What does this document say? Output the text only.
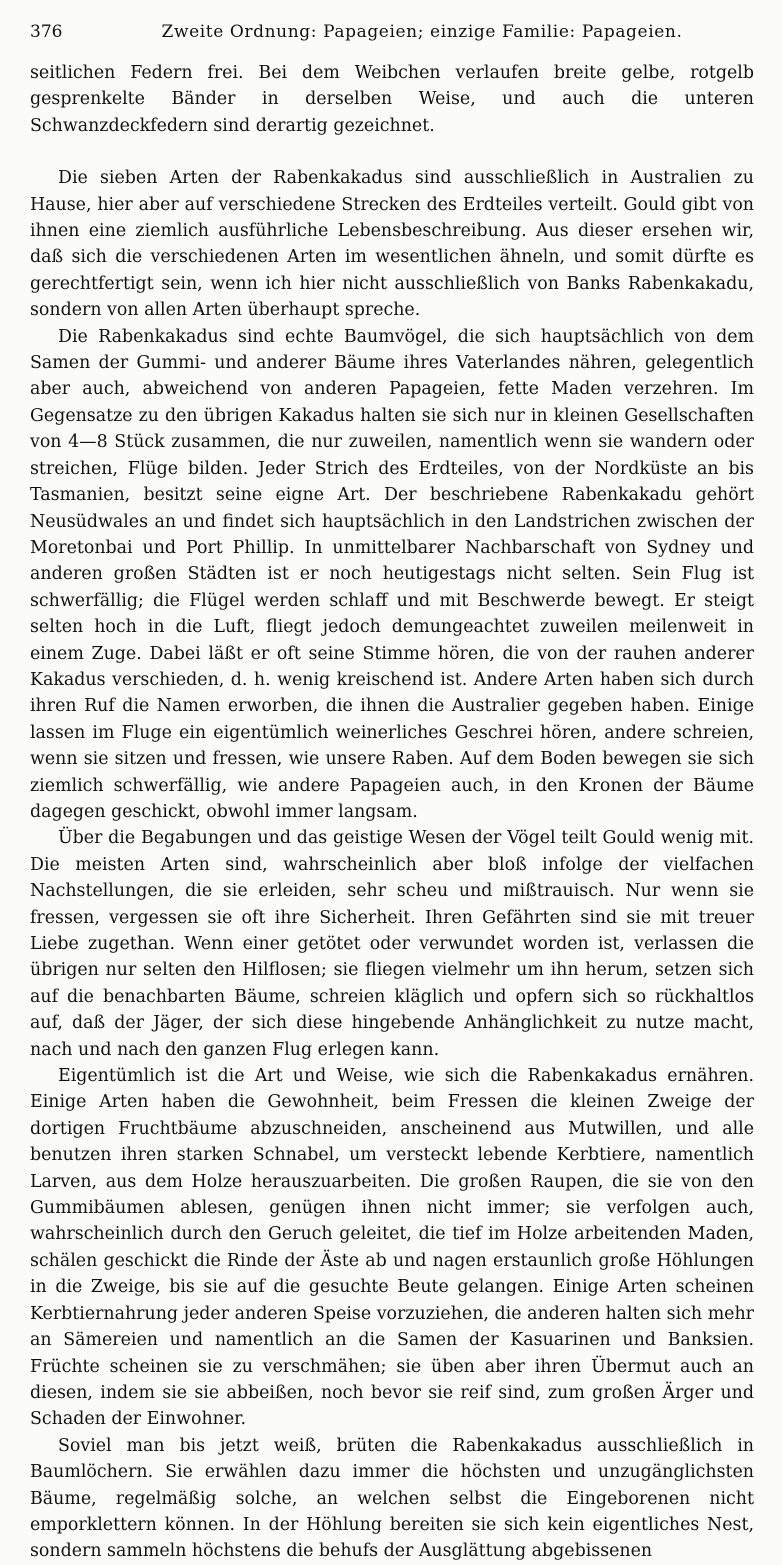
376	Zweite Ordnung: Papageien; einzige Familie: Papageien.

seitlichen Federn frei. Bei dem Weibchen verlaufen breite gelbe, rotgelb gesprenkelte Bänder in derselben Weise, und auch die unteren Schwanzdeckfedern sind derartig gezeichnet.

Die sieben Arten der Rabenkakadus sind ausschließlich in Australien zu Hause, hier aber auf verschiedene Strecken des Erdteiles verteilt. Gould gibt von ihnen eine ziemlich ausführliche Lebensbeschreibung. Aus dieser ersehen wir, daß sich die verschiedenen Arten im wesentlichen ähneln, und somit dürfte es gerechtfertigt sein, wenn ich hier nicht ausschließlich von Banks Rabenkakadu, sondern von allen Arten überhaupt spreche.

Die Rabenkakadus sind echte Baumvögel, die sich hauptsächlich von dem Samen der Gummi- und anderer Bäume ihres Vaterlandes nähren, gelegentlich aber auch, abweichend von anderen Papageien, fette Maden verzehren. Im Gegensatze zu den übrigen Kakadus halten sie sich nur in kleinen Gesellschaften von 4—8 Stück zusammen, die nur zuweilen, namentlich wenn sie wandern oder streichen, Flüge bilden. Jeder Strich des Erdteiles, von der Nordküste an bis Tasmanien, besitzt seine eigne Art. Der beschriebene Rabenkakadu gehört Neusüdwales an und findet sich hauptsächlich in den Landstrichen zwischen der Moretonbai und Port Phillip. In unmittelbarer Nachbarschaft von Sydney und anderen großen Städten ist er noch heutigestags nicht selten. Sein Flug ist schwerfällig; die Flügel werden schlaff und mit Beschwerde bewegt. Er steigt selten hoch in die Luft, fliegt jedoch demungeachtet zuweilen meilenweit in einem Zuge. Dabei läßt er oft seine Stimme hören, die von der rauhen anderer Kakadus verschieden, d. h. wenig kreischend ist. Andere Arten haben sich durch ihren Ruf die Namen erworben, die ihnen die Australier gegeben haben. Einige lassen im Fluge ein eigentümlich weinerliches Geschrei hören, andere schreien, wenn sie sitzen und fressen, wie unsere Raben. Auf dem Boden bewegen sie sich ziemlich schwerfällig, wie andere Papageien auch, in den Kronen der Bäume dagegen geschickt, obwohl immer langsam.

Über die Begabungen und das geistige Wesen der Vögel teilt Gould wenig mit. Die meisten Arten sind, wahrscheinlich aber bloß infolge der vielfachen Nachstellungen, die sie erleiden, sehr scheu und mißtrauisch. Nur wenn sie fressen, vergessen sie oft ihre Sicherheit. Ihren Gefährten sind sie mit treuer Liebe zugethan. Wenn einer getötet oder verwundet worden ist, verlassen die übrigen nur selten den Hilflosen; sie fliegen vielmehr um ihn herum, setzen sich auf die benachbarten Bäume, schreien kläglich und opfern sich so rückhaltlos auf, daß der Jäger, der sich diese hingebende Anhänglichkeit zu nutze macht, nach und nach den ganzen Flug erlegen kann.

Eigentümlich ist die Art und Weise, wie sich die Rabenkakadus ernähren. Einige Arten haben die Gewohnheit, beim Fressen die kleinen Zweige der dortigen Fruchtbäume abzuschneiden, anscheinend aus Mutwillen, und alle benutzen ihren starken Schnabel, um versteckt lebende Kerbtiere, namentlich Larven, aus dem Holze herauszuarbeiten. Die großen Raupen, die sie von den Gummibäumen ablesen, genügen ihnen nicht immer; sie verfolgen auch, wahrscheinlich durch den Geruch geleitet, die tief im Holze arbeitenden Maden, schälen geschickt die Rinde der Äste ab und nagen erstaunlich große Höhlungen in die Zweige, bis sie auf die gesuchte Beute gelangen. Einige Arten scheinen Kerbtiernahrung jeder anderen Speise vorzuziehen, die anderen halten sich mehr an Sämereien und namentlich an die Samen der Kasuarinen und Banksien. Früchte scheinen sie zu verschmähen; sie üben aber ihren Übermut auch an diesen, indem sie sie abbeißen, noch bevor sie reif sind, zum großen Ärger und Schaden der Einwohner.

Soviel man bis jetzt weiß, brüten die Rabenkakadus ausschließlich in Baumlöchern. Sie erwählen dazu immer die höchsten und unzugänglichsten Bäume, regelmäßig solche, an welchen selbst die Eingeborenen nicht emporklettern können. In der Höhlung bereiten sie sich kein eigentliches Nest, sondern sammeln höchstens die behufs der Ausglättung abgebissenen
